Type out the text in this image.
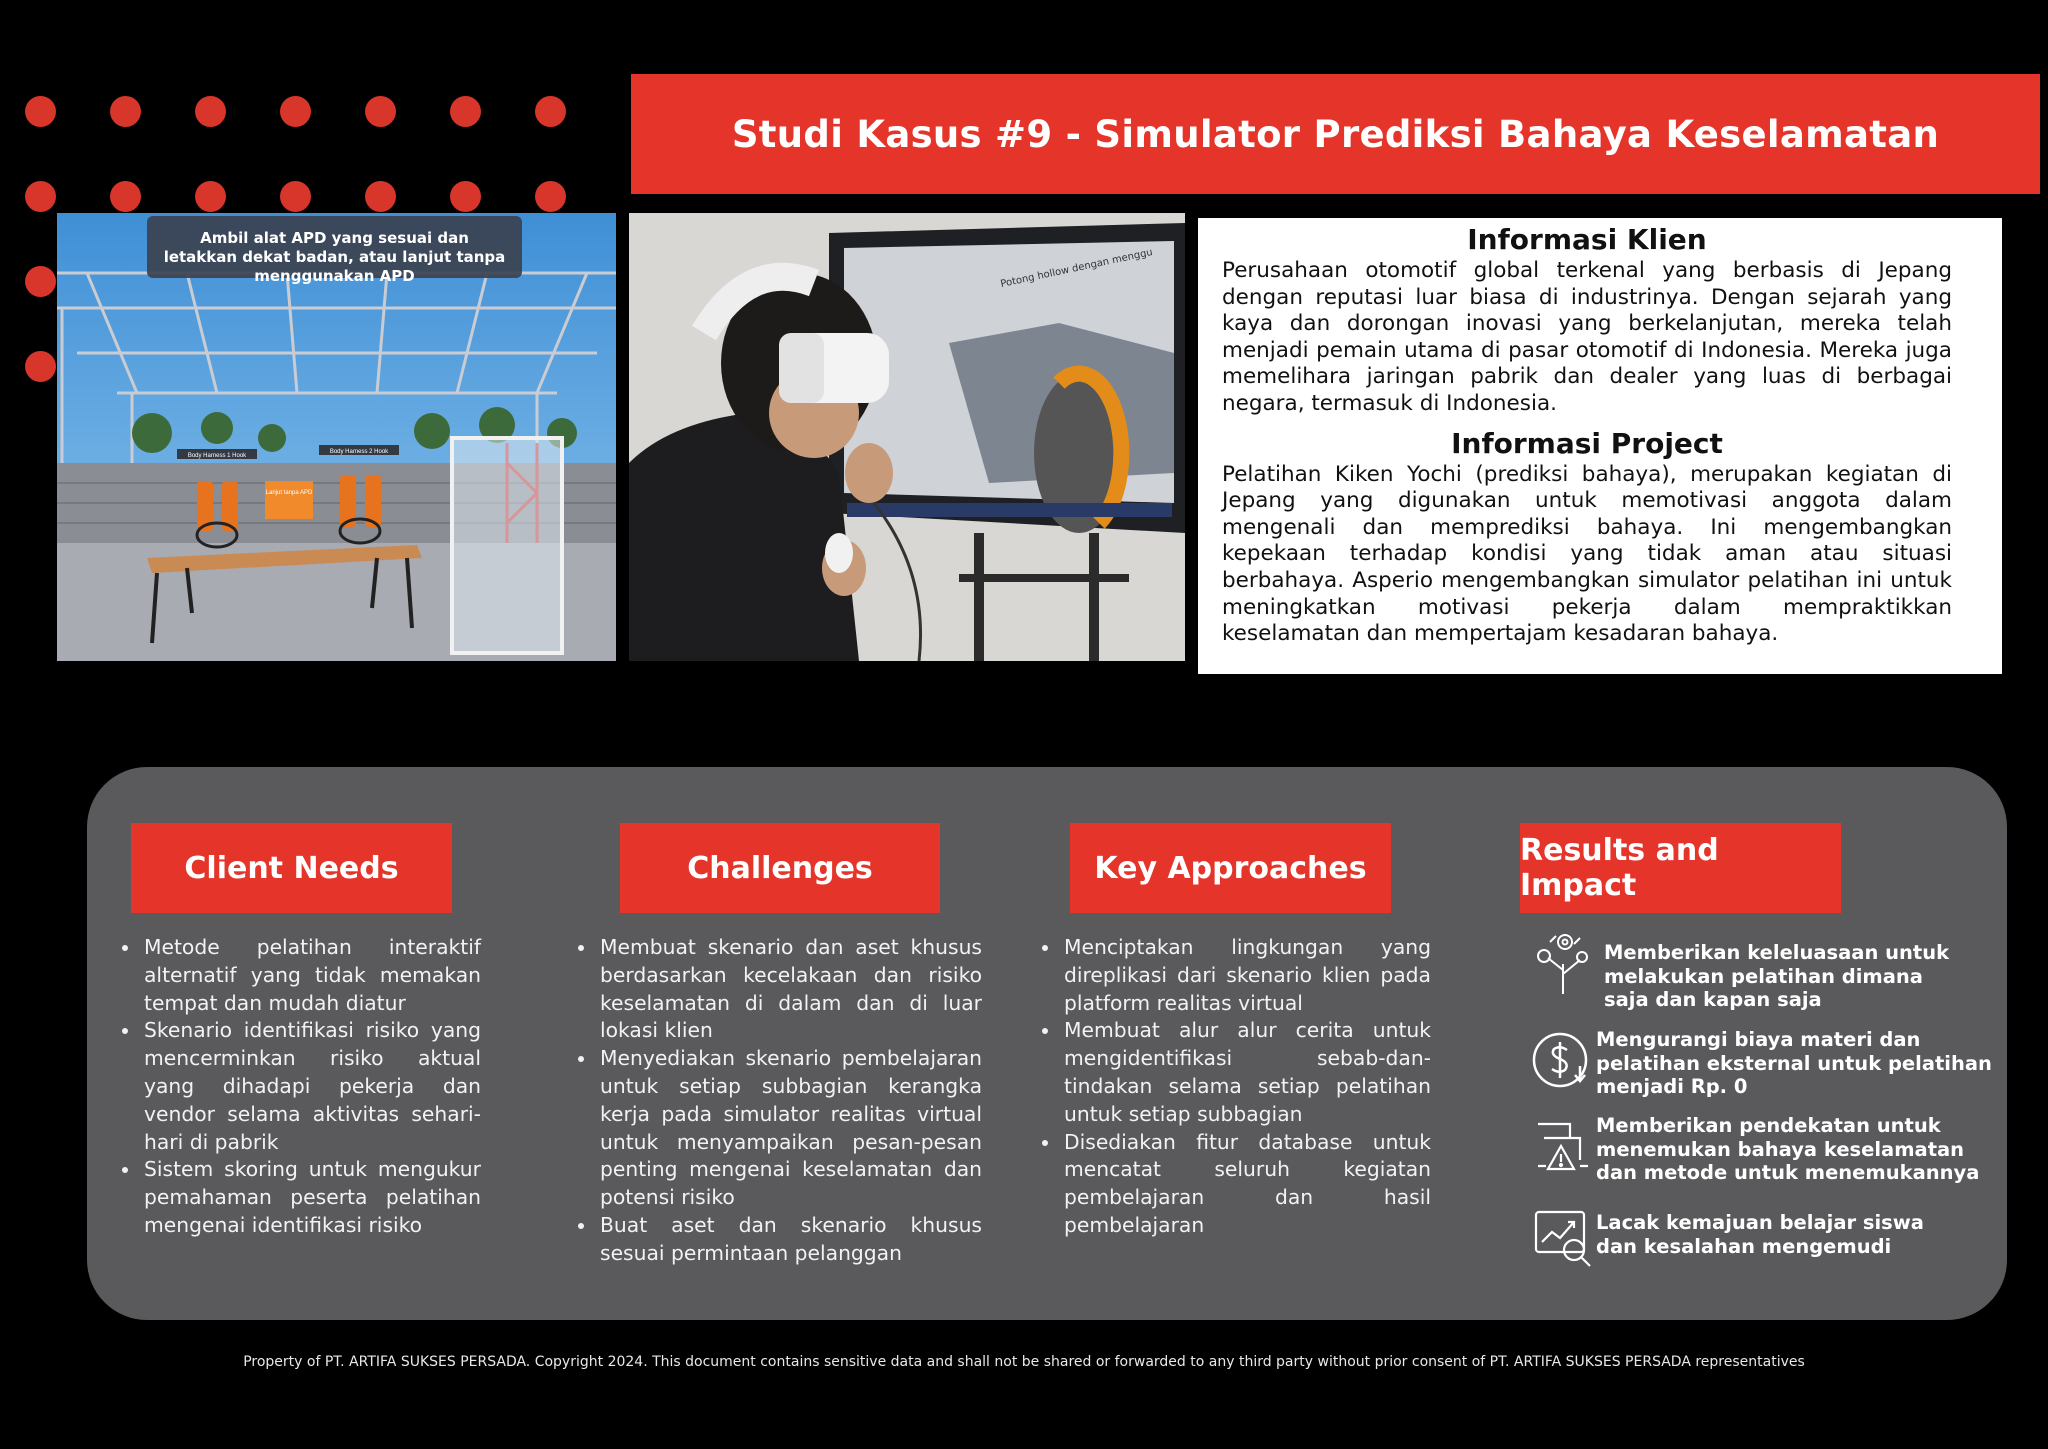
Studi Kasus #9 - Simulator Prediksi Bahaya Keselamatan
Lanjut tanpa APD
Body Harness 1 Hook
Body Harness 2 Hook
Ambil alat APD yang sesuai dan letakkan dekat badan, atau lanjut tanpa menggunakan APD	Potong hollow dengan menggu
Informasi Klien

Perusahaan otomotif global terkenal yang berbasis di Jepang dengan reputasi luar biasa di industrinya. Dengan sejarah yang kaya dan dorongan inovasi yang berkelanjutan, mereka telah menjadi pemain utama di pasar otomotif di Indonesia. Mereka juga memelihara jaringan pabrik dan dealer yang luas di berbagai negara, termasuk di Indonesia.

Informasi Project

Pelatihan Kiken Yochi (prediksi bahaya), merupakan kegiatan di Jepang yang digunakan untuk memotivasi anggota dalam mengenali dan memprediksi bahaya. Ini mengembangkan kepekaan terhadap kondisi yang tidak aman atau situasi berbahaya. Asperio mengembangkan simulator pelatihan ini untuk meningkatkan motivasi pekerja dalam mempraktikkan keselamatan dan mempertajam kesadaran bahaya.

Client Needs
Metode pelatihan interaktif alternatif yang tidak memakan tempat dan mudah diatur
Skenario identifikasi risiko yang mencerminkan risiko aktual yang dihadapi pekerja dan vendor selama aktivitas sehari-hari di pabrik
Sistem skoring untuk mengukur pemahaman peserta pelatihan mengenai identifikasi risiko
Challenges
Membuat skenario dan aset khusus berdasarkan kecelakaan dan risiko keselamatan di dalam dan di luar lokasi klien
Menyediakan skenario pembelajaran untuk setiap subbagian kerangka kerja pada simulator realitas virtual untuk menyampaikan pesan-pesan penting mengenai keselamatan dan potensi risiko
Buat aset dan skenario khusus sesuai permintaan pelanggan
Key Approaches
Menciptakan lingkungan yang direplikasi dari skenario klien pada platform realitas virtual
Membuat alur alur cerita untuk mengidentifikasi sebab-dan-tindakan selama setiap pelatihan untuk setiap subbagian
Disediakan fitur database untuk mencatat seluruh kegiatan pembelajaran dan hasil pembelajaran
Results and Impact
Memberikan keleluasaan untuk
melakukan pelatihan dimana
saja dan kapan saja
Mengurangi biaya materi dan
pelatihan eksternal untuk pelatihan
menjadi Rp. 0
Memberikan pendekatan untuk
menemukan bahaya keselamatan
dan metode untuk menemukannya
Lacak kemajuan belajar siswa
dan kesalahan mengemudi
Property of PT. ARTIFA SUKSES PERSADA. Copyright 2024. This document contains sensitive data and shall not be shared or forwarded to any third party without prior consent of PT. ARTIFA SUKSES PERSADA representatives
